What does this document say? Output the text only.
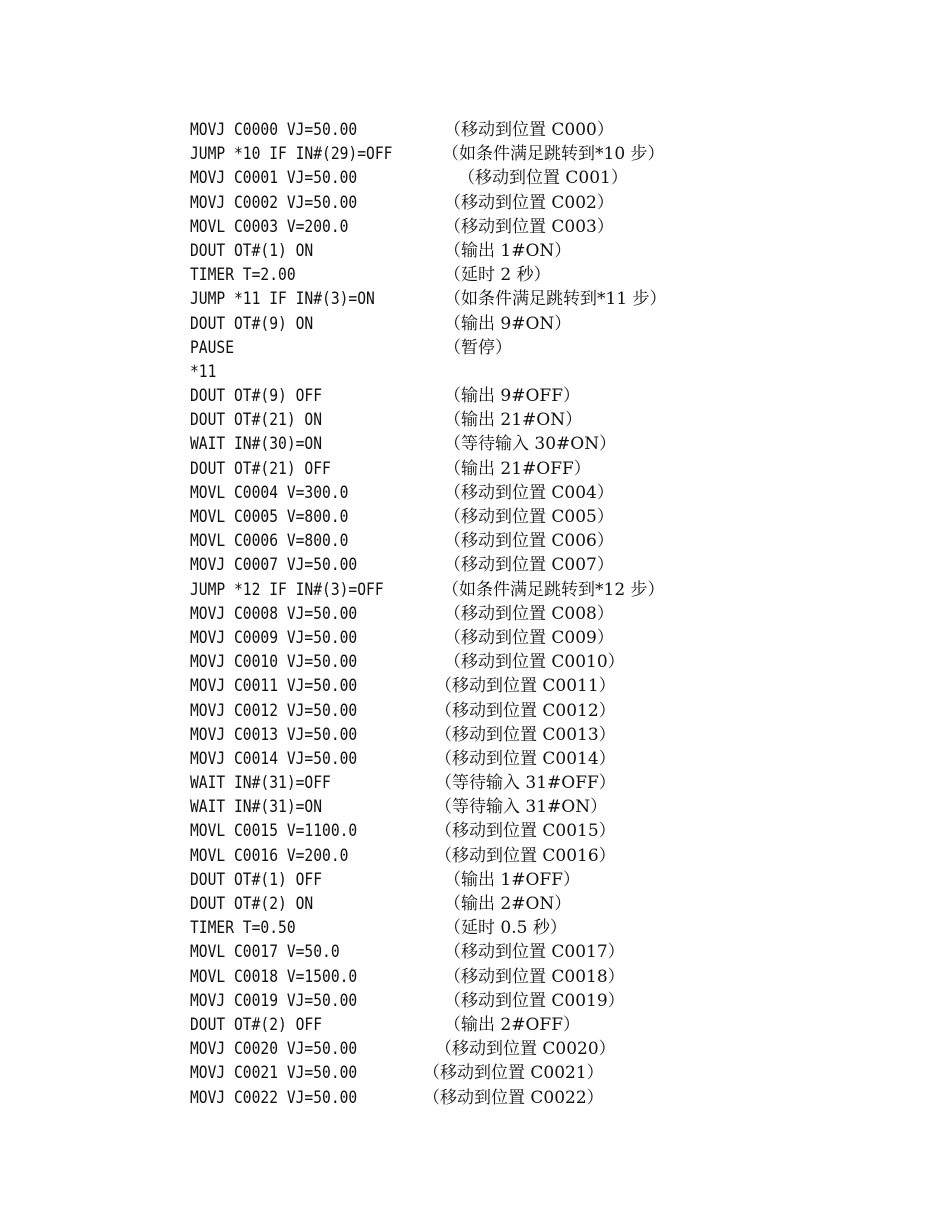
MOVJ C0000 VJ=50.00	（移动到位置 C000）
JUMP *10 IF IN#(29)=OFF	（如条件满足跳转到*10 步）
MOVJ C0001 VJ=50.00	（移动到位置 C001）
MOVJ C0002 VJ=50.00	（移动到位置 C002）
MOVL C0003 V=200.0	（移动到位置 C003）
DOUT OT#(1) ON	（输出 1#ON）
TIMER T=2.00	（延时 2 秒）
JUMP *11 IF IN#(3)=ON	（如条件满足跳转到*11 步）
DOUT OT#(9) ON	（输出 9#ON）
PAUSE	（暂停）
*11
DOUT OT#(9) OFF	（输出 9#OFF）
DOUT OT#(21) ON	（输出 21#ON）
WAIT IN#(30)=ON	（等待输入 30#ON）
DOUT OT#(21) OFF	（输出 21#OFF）
MOVL C0004 V=300.0	（移动到位置 C004）
MOVL C0005 V=800.0	（移动到位置 C005）
MOVL C0006 V=800.0	（移动到位置 C006）
MOVJ C0007 VJ=50.00	（移动到位置 C007）
JUMP *12 IF IN#(3)=OFF	（如条件满足跳转到*12 步）
MOVJ C0008 VJ=50.00	（移动到位置 C008）
MOVJ C0009 VJ=50.00	（移动到位置 C009）
MOVJ C0010 VJ=50.00	（移动到位置 C0010）
MOVJ C0011 VJ=50.00	（移动到位置 C0011）
MOVJ C0012 VJ=50.00	（移动到位置 C0012）
MOVJ C0013 VJ=50.00	（移动到位置 C0013）
MOVJ C0014 VJ=50.00	（移动到位置 C0014）
WAIT IN#(31)=OFF	（等待输入 31#OFF）
WAIT IN#(31)=ON	（等待输入 31#ON）
MOVL C0015 V=1100.0	（移动到位置 C0015）
MOVL C0016 V=200.0	（移动到位置 C0016）
DOUT OT#(1) OFF	（输出 1#OFF）
DOUT OT#(2) ON	（输出 2#ON）
TIMER T=0.50	（延时 0.5 秒）
MOVL C0017 V=50.0	（移动到位置 C0017）
MOVL C0018 V=1500.0	（移动到位置 C0018）
MOVJ C0019 VJ=50.00	（移动到位置 C0019）
DOUT OT#(2) OFF	（输出 2#OFF）
MOVJ C0020 VJ=50.00	（移动到位置 C0020）
MOVJ C0021 VJ=50.00	（移动到位置 C0021）
MOVJ C0022 VJ=50.00	（移动到位置 C0022）
